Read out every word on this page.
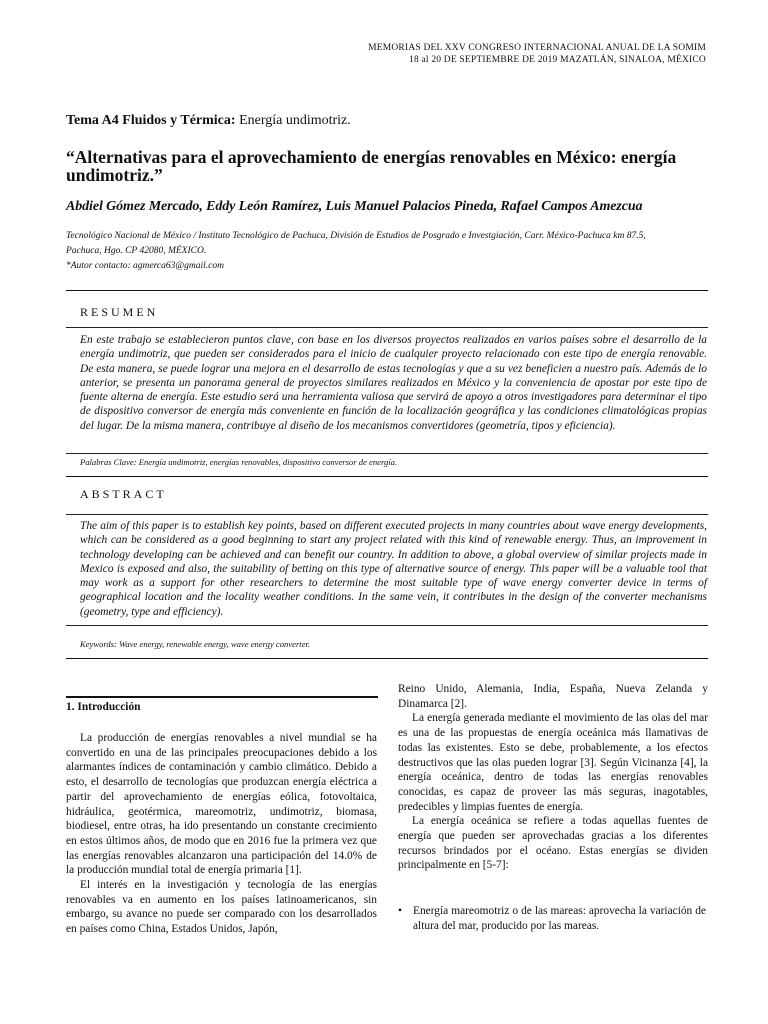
MEMORIAS DEL XXV CONGRESO INTERNACIONAL ANUAL DE LA SOMIM
18 al 20 DE SEPTIEMBRE DE 2019 MAZATLÁN, SINALOA, MÉXICO
Tema A4 Fluidos y Térmica: Energía undimotriz.
“Alternativas para el aprovechamiento de energías renovables en México: energía undimotriz.”
Abdiel Gómez Mercado, Eddy León Ramírez, Luis Manuel Palacios Pineda, Rafael Campos Amezcua
Tecnológico Nacional de México / Instituto Tecnológico de Pachuca, División de Estudios de Posgrado e Investgiación, Carr. México-Pachuca km 87.5,
Pachuca, Hgo. CP 42080, MÉXICO.
*Autor contacto: agmerca63@gmail.com
RESUMEN
En este trabajo se establecieron puntos clave, con base en los diversos proyectos realizados en varios países sobre el desarrollo de la energía undimotriz, que pueden ser considerados para el inicio de cualquier proyecto relacionado con este tipo de energía renovable. De esta manera, se puede lograr una mejora en el desarrollo de estas tecnologías y que a su vez beneficien a nuestro país. Además de lo anterior, se presenta un panorama general de proyectos similares realizados en México y la conveniencia de apostar por este tipo de fuente alterna de energía. Este estudio será una herramienta valiosa que servirá de apoyo a otros investigadores para determinar el tipo de dispositivo conversor de energía más conveniente en función de la localización geográfica y las condiciones climatológicas propias del lugar. De la misma manera, contribuye al diseño de los mecanismos convertidores (geometría, tipos y eficiencia).
Palabras Clave: Energía undimotriz, energías renovables, dispositivo conversor de energía.
ABSTRACT
The aim of this paper is to establish key points, based on different executed projects in many countries about wave energy developments, which can be considered as a good beginning to start any project related with this kind of renewable energy. Thus, an improvement in technology developing can be achieved and can benefit our country. In addition to above, a global overview of similar projects made in Mexico is exposed and also, the suitability of betting on this type of alternative source of energy. This paper will be a valuable tool that may work as a support for other researchers to determine the most suitable type of wave energy converter device in terms of geographical location and the locality weather conditions. In the same vein, it contributes in the design of the converter mechanisms (geometry, type and efficiency).
Keywords: Wave energy, renewable energy, wave energy converter.
1. Introducción

La producción de energías renovables a nivel mundial se ha convertido en una de las principales preocupaciones debido a los alarmantes índices de contaminación y cambio climático. Debido a esto, el desarrollo de tecnologías que produzcan energía eléctrica a partir del aprovechamiento de energías eólica, fotovoltaica, hidráulica, geotérmica, mareomotriz, undimotriz, biomasa, biodiesel, entre otras, ha ido presentando un constante crecimiento en estos últimos años, de modo que en 2016 fue la primera vez que las energías renovables alcanzaron una participación del 14.0% de la producción mundial total de energía primaria [1].

El interés en la investigación y tecnología de las energías renovables va en aumento en los países latinoamericanos, sin embargo, su avance no puede ser comparado con los desarrollados en países como China, Estados Unidos, Japón,

Reino Unido, Alemania, India, España, Nueva Zelanda y Dinamarca [2].

La energía generada mediante el movimiento de las olas del mar es una de las propuestas de energía oceánica más llamativas de todas las existentes. Esto se debe, probablemente, a los efectos destructivos que las olas pueden lograr [3]. Según Vicinanza [4], la energía oceánica, dentro de todas las energías renovables conocidas, es capaz de proveer las más seguras, inagotables, predecibles y limpias fuentes de energía.

La energía oceánica se refiere a todas aquellas fuentes de energía que pueden ser aprovechadas gracias a los diferentes recursos brindados por el océano. Estas energías se dividen principalmente en [5-7]:

• Energía mareomotriz o de las mareas: aprovecha la variación de altura del mar, producido por las mareas.
